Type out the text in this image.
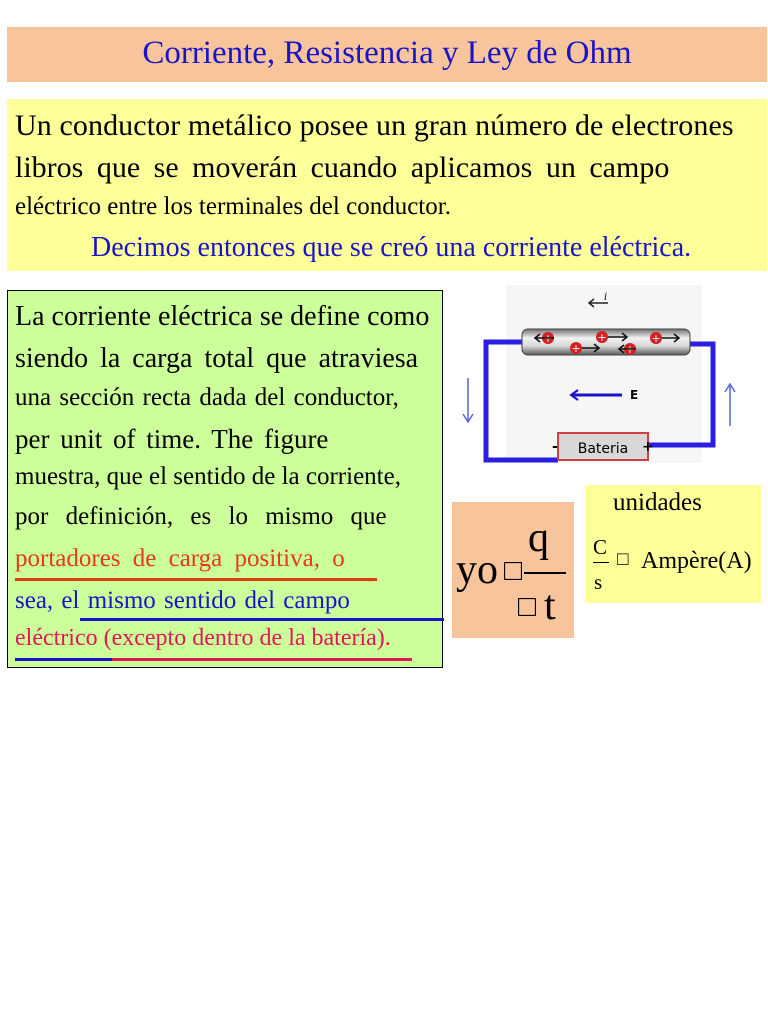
Corriente, Resistencia y Ley de Ohm
Un conductor metálico posee un gran número de electrones
libros que se moverán cuando aplicamos un campo
eléctrico entre los terminales del conductor.
Decimos entonces que se creó una corriente eléctrica.
La corriente eléctrica se define como
siendo la carga total que atraviesa
una sección recta dada del conductor,
per unit of time. The figure
muestra, que el sentido de la corriente,
por definición, es lo mismo que
portadores de carga positiva, o
sea, el mismo sentido del campo
eléctrico (excepto dentro de la batería).
+	+	+
+	+
i
E
Bateria
-	+
yo □
q
□ t
unidades
C
s
□ Ampère(A)
